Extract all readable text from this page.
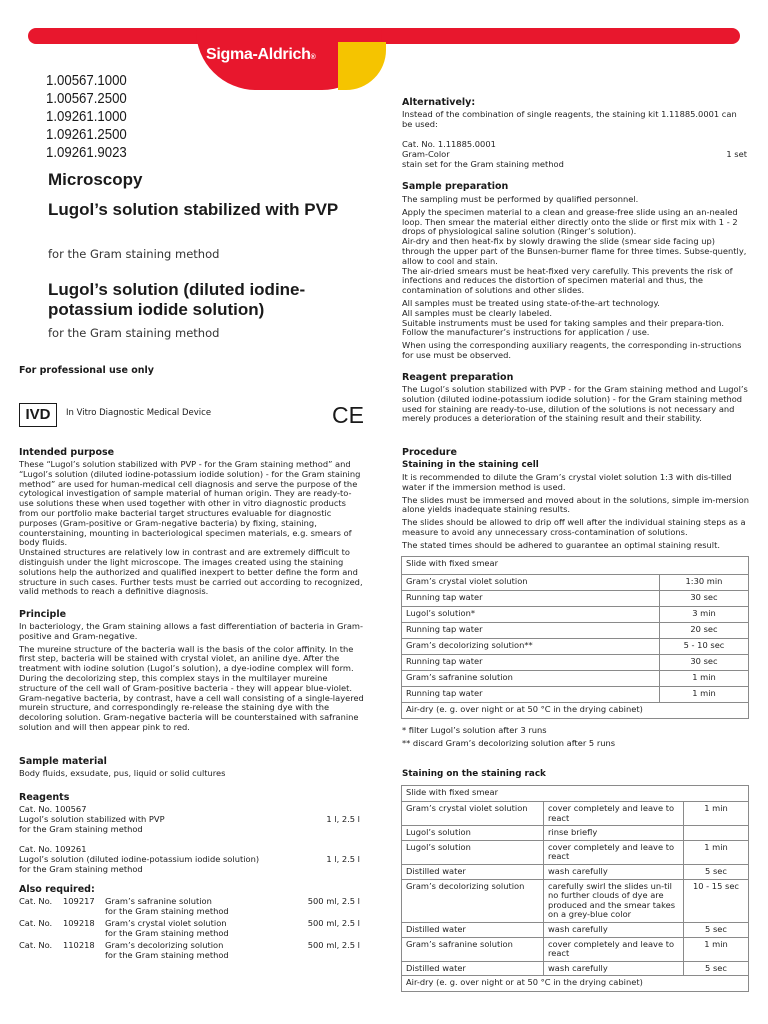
Sigma-Aldrich®
1.00567.1000
1.00567.2500
1.09261.1000
1.09261.2500
1.09261.9023
Microscopy
Lugol’s solution stabilized with PVP
for the Gram staining method
Lugol’s solution (diluted iodine-potassium iodide solution)
for the Gram staining method
For professional use only
IVD	In Vitro Diagnostic Medical Device	CE
Intended purpose

These “Lugol’s solution stabilized with PVP - for the Gram staining method” and “Lugol’s solution (diluted iodine-potassium iodide solution) - for the Gram staining method” are used for human-medical cell diagnosis and serve the purpose of the cytological investigation of sample material of human origin. They are ready-to-use solutions these when used together with other in vitro diagnostic products from our portfolio make bacterial target structures evaluable for diagnostic purposes (Gram-positive or Gram-negative bacteria) by fixing, staining, counterstaining, mounting in bacteriological specimen materials, e.g. smears of body fluids.

Unstained structures are relatively low in contrast and are extremely difficult to distinguish under the light microscope. The images created using the staining solutions help the authorized and qualified inexpert to better define the form and structure in such cases. Further tests must be carried out according to recognized, valid methods to reach a definitive diagnosis.

Principle

In bacteriology, the Gram staining allows a fast differentiation of bacteria in Gram-positive and Gram-negative.

The mureine structure of the bacteria wall is the basis of the color affinity. In the first step, bacteria will be stained with crystal violet, an aniline dye. After the treatment with iodine solution (Lugol’s solution), a dye-iodine complex will form. During the decolorizing step, this complex stays in the multilayer mureine structure of the cell wall of Gram-positive bacteria - they will appear blue-violet.

Gram-negative bacteria, by contrast, have a cell wall consisting of a single-layered murein structure, and correspondingly re-release the staining dye with the decoloring solution. Gram-negative bacteria will be counterstained with safranine solution and will then appear pink to red.

Sample material
Body fluids, exsudate, pus, liquid or solid cultures
Reagents
Cat. No. 100567
Lugol’s solution stabilized with PVP	1 l, 2.5 l
for the Gram staining method
Cat. No. 109261
Lugol’s solution (diluted iodine-potassium iodide solution)	1 l, 2.5 l
for the Gram staining method
Also required:
Cat. No. 109217 Gram’s safranine solution	500 ml, 2.5 l
for the Gram staining method
Cat. No. 109218 Gram’s crystal violet solution	500 ml, 2.5 l
for the Gram staining method
Cat. No. 110218 Gram’s decolorizing solution	500 ml, 2.5 l
for the Gram staining method
Alternatively:
Instead of the combination of single reagents, the staining kit 1.11885.0001 can be used:
Cat. No. 1.11885.0001
Gram-Color	1 set
stain set for the Gram staining method
Sample preparation

The sampling must be performed by qualified personnel.

Apply the specimen material to a clean and grease-free slide using an an-nealed loop. Then smear the material either directly onto the slide or first mix with 1 - 2 drops of physiological saline solution (Ringer’s solution).

Air-dry and then heat-fix by slowly drawing the slide (smear side facing up) through the upper part of the Bunsen-burner flame for three times. Subse-quently, allow to cool and stain.

The air-dried smears must be heat-fixed very carefully. This prevents the risk of infections and reduces the distortion of specimen material and thus, the contamination of solutions and other slides.

All samples must be treated using state-of-the-art technology.

All samples must be clearly labeled.

Suitable instruments must be used for taking samples and their prepara-tion. Follow the manufacturer’s instructions for application / use.

When using the corresponding auxiliary reagents, the corresponding in-structions for use must be observed.

Reagent preparation
The Lugol’s solution stabilized with PVP - for the Gram staining method and Lugol’s solution (diluted iodine-potassium iodide solution) - for the Gram staining method used for staining are ready-to-use, dilution of the solutions is not necessary and merely produces a deterioration of the staining result and their stability.
Procedure
Staining in the staining cell

It is recommended to dilute the Gram’s crystal violet solution 1:3 with dis-tilled water if the immersion method is used.

The slides must be immersed and moved about in the solutions, simple im-mersion alone yields inadequate staining results.

The slides should be allowed to drip off well after the individual staining steps as a measure to avoid any unnecessary cross-contamination of solutions.

The stated times should be adhered to guarantee an optimal staining result.

Slide with fixed smear	
Gram’s crystal violet solution	1:30 min
Running tap water	30 sec
Lugol’s solution*	3 min
Running tap water	20 sec
Gram’s decolorizing solution**	5 - 10 sec
Running tap water	30 sec
Gram’s safranine solution	1 min
Running tap water	1 min
Air-dry (e. g. over night or at 50 °C in the drying cabinet)	
* filter Lugol’s solution after 3 runs
** discard Gram’s decolorizing solution after 5 runs
Staining on the staining rack
Slide with fixed smear		
Gram’s crystal violet solution	cover completely and leave to react	1 min
Lugol’s solution	rinse briefly	
Lugol’s solution	cover completely and leave to react	1 min
Distilled water	wash carefully	5 sec
Gram’s decolorizing solution	carefully swirl the slides un-til no further clouds of dye are produced and the smear takes on a grey-blue color	10 - 15 sec
Distilled water	wash carefully	5 sec
Gram’s safranine solution	cover completely and leave to react	1 min
Distilled water	wash carefully	5 sec
Air-dry (e. g. over night or at 50 °C in the drying cabinet)		
